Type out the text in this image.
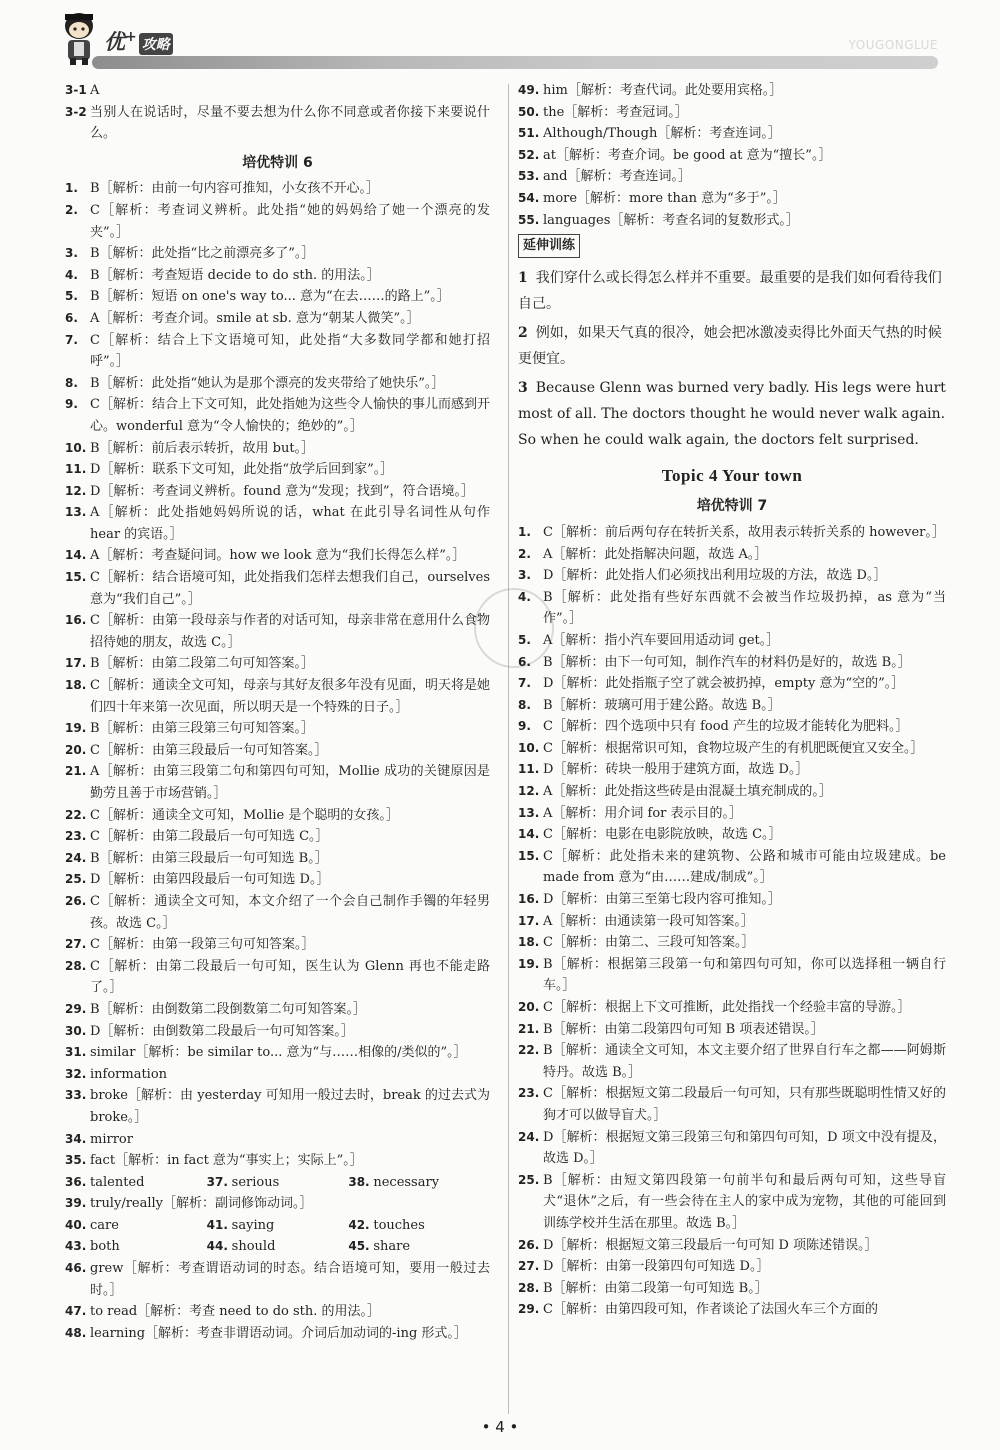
优+ 攻略	YOUGONGLUE
3-1 A
3-2 当别人在说话时，尽量不要去想为什么你不同意或者你接下来要说什么。
培优特训 6
1. B［解析：由前一句内容可推知，小女孩不开心。］
2. C［解析：考查词义辨析。此处指“她的妈妈给了她一个漂亮的发夹”。］
3. B［解析：此处指“比之前漂亮多了”。］
4. B［解析：考查短语 decide to do sth. 的用法。］
5. B［解析：短语 on one's way to... 意为“在去……的路上”。］
6. A［解析：考查介词。smile at sb. 意为“朝某人微笑”。］
7. C［解析：结合上下文语境可知，此处指“大多数同学都和她打招呼”。］
8. B［解析：此处指“她认为是那个漂亮的发夹带给了她快乐”。］
9. C［解析：结合上下文可知，此处指她为这些令人愉快的事儿而感到开心。wonderful 意为“令人愉快的；绝妙的”。］
10. B［解析：前后表示转折，故用 but。］
11. D［解析：联系下文可知，此处指“放学后回到家”。］
12. D［解析：考查词义辨析。found 意为“发现；找到”，符合语境。］
13. A［解析：此处指她妈妈所说的话，what 在此引导名词性从句作 hear 的宾语。］
14. A［解析：考查疑问词。how we look 意为“我们长得怎么样”。］
15. C［解析：结合语境可知，此处指我们怎样去想我们自己，ourselves 意为“我们自己”。］
16. C［解析：由第一段母亲与作者的对话可知，母亲非常在意用什么食物招待她的朋友，故选 C。］
17. B［解析：由第二段第二句可知答案。］
18. C［解析：通读全文可知，母亲与其好友很多年没有见面，明天将是她们四十年来第一次见面，所以明天是一个特殊的日子。］
19. B［解析：由第三段第三句可知答案。］
20. C［解析：由第三段最后一句可知答案。］
21. A［解析：由第三段第二句和第四句可知，Mollie 成功的关键原因是勤劳且善于市场营销。］
22. C［解析：通读全文可知，Mollie 是个聪明的女孩。］
23. C［解析：由第二段最后一句可知选 C。］
24. B［解析：由第三段最后一句可知选 B。］
25. D［解析：由第四段最后一句可知选 D。］
26. C［解析：通读全文可知，本文介绍了一个会自己制作手镯的年轻男孩。故选 C。］
27. C［解析：由第一段第三句可知答案。］
28. C［解析：由第二段最后一句可知，医生认为 Glenn 再也不能走路了。］
29. B［解析：由倒数第二段倒数第二句可知答案。］
30. D［解析：由倒数第二段最后一句可知答案。］
31. similar［解析：be similar to... 意为“与……相像的/类似的”。］
32. information
33. broke［解析：由 yesterday 可知用一般过去时，break 的过去式为 broke。］
34. mirror
35. fact［解析：in fact 意为“事实上；实际上”。］
36. talented	37. serious	38. necessary
39. truly/really［解析：副词修饰动词。］
40. care	41. saying	42. touches
43. both	44. should	45. share
46. grew［解析：考查谓语动词的时态。结合语境可知，要用一般过去时。］
47. to read［解析：考查 need to do sth. 的用法。］
48. learning［解析：考查非谓语动词。介词后加动词的-ing 形式。］
49. him［解析：考查代词。此处要用宾格。］
50. the［解析：考查冠词。］
51. Although/Though［解析：考查连词。］
52. at［解析：考查介词。be good at 意为“擅长”。］
53. and［解析：考查连词。］
54. more［解析：more than 意为“多于”。］
55. languages［解析：考查名词的复数形式。］
延伸训练
1 我们穿什么或长得怎么样并不重要。最重要的是我们如何看待我们自己。
2 例如，如果天气真的很冷，她会把冰激凌卖得比外面天气热的时候更便宜。
3 Because Glenn was burned very badly. His legs were hurt most of all. The doctors thought he would never walk again. So when he could walk again, the doctors felt surprised.
Topic 4 Your town
培优特训 7
1. C［解析：前后两句存在转折关系，故用表示转折关系的 however。］
2. A［解析：此处指解决问题，故选 A。］
3. D［解析：此处指人们必须找出利用垃圾的方法，故选 D。］
4. B［解析：此处指有些好东西就不会被当作垃圾扔掉，as 意为“当作”。］
5. A［解析：指小汽车要回用适动词 get。］
6. B［解析：由下一句可知，制作汽车的材料仍是好的，故选 B。］
7. D［解析：此处指瓶子空了就会被扔掉，empty 意为“空的”。］
8. B［解析：玻璃可用于建公路。故选 B。］
9. C［解析：四个选项中只有 food 产生的垃圾才能转化为肥料。］
10. C［解析：根据常识可知，食物垃圾产生的有机肥既便宜又安全。］
11. D［解析：砖块一般用于建筑方面，故选 D。］
12. A［解析：此处指这些砖是由混凝土填充制成的。］
13. A［解析：用介词 for 表示目的。］
14. C［解析：电影在电影院放映，故选 C。］
15. C［解析：此处指未来的建筑物、公路和城市可能由垃圾建成。be made from 意为“由……建成/制成”。］
16. D［解析：由第三至第七段内容可推知。］
17. A［解析：由通读第一段可知答案。］
18. C［解析：由第二、三段可知答案。］
19. B［解析：根据第三段第一句和第四句可知，你可以选择租一辆自行车。］
20. C［解析：根据上下文可推断，此处指找一个经验丰富的导游。］
21. B［解析：由第二段第四句可知 B 项表述错误。］
22. B［解析：通读全文可知，本文主要介绍了世界自行车之都——阿姆斯特丹。故选 B。］
23. C［解析：根据短文第二段最后一句可知，只有那些既聪明性情又好的狗才可以做导盲犬。］
24. D［解析：根据短文第三段第三句和第四句可知，D 项文中没有提及，故选 D。］
25. B［解析：由短文第四段第一句前半句和最后两句可知，这些导盲犬“退休”之后，有一些会待在主人的家中成为宠物，其他的可能回到训练学校并生活在那里。故选 B。］
26. D［解析：根据短文第三段最后一句可知 D 项陈述错误。］
27. D［解析：由第一段第四句可知选 D。］
28. B［解析：由第二段第一句可知选 B。］
29. C［解析：由第四段可知，作者谈论了法国火车三个方面的
• 4 •
